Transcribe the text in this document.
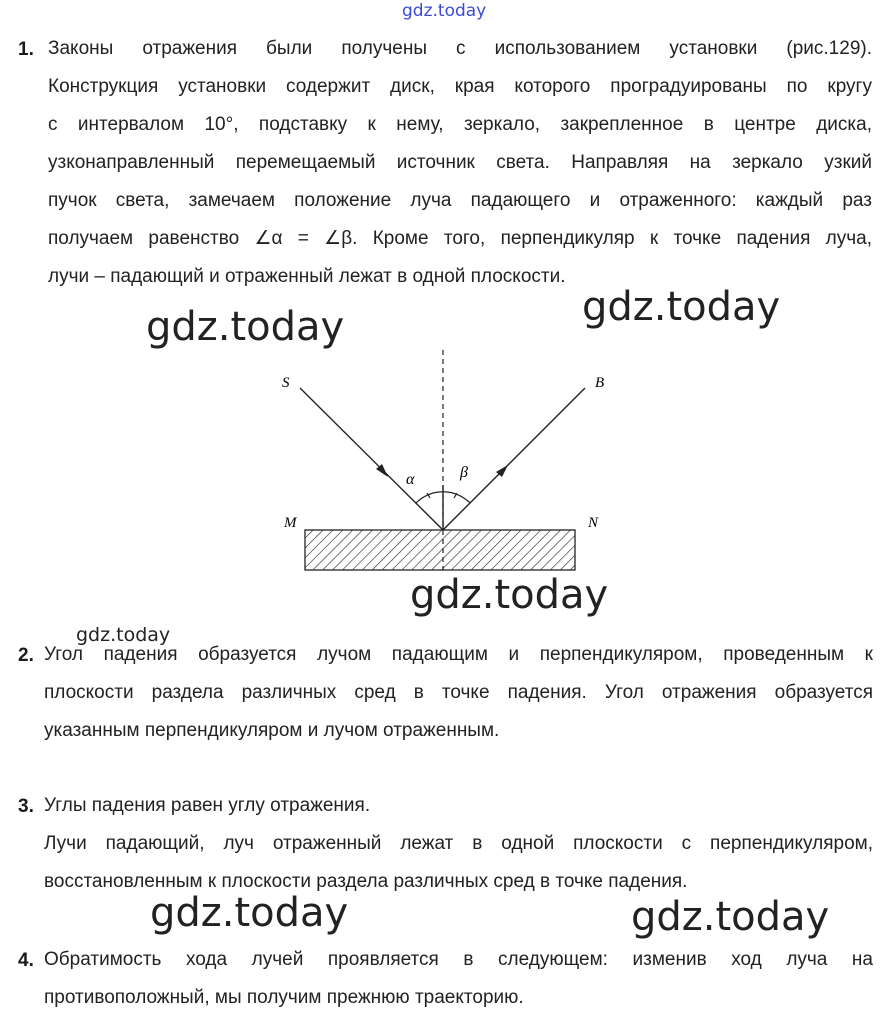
gdz.today
gdz.today	gdz.today
gdz.today
gdz.today
gdz.today	gdz.today
1. Законы отражения были получены с использованием установки (рис.129).
Конструкция установки содержит диск, края которого проградуированы по кругу
с интервалом 10°, подставку к нему, зеркало, закрепленное в центре диска,
узконаправленный перемещаемый источник света. Направляя на зеркало узкий
пучок света, замечаем положение луча падающего и отраженного: каждый раз
получаем равенство ∠α = ∠β. Кроме того, перпендикуляр к точке падения луча,
лучи – падающий и отраженный лежат в одной плоскости.
S	B
M	N
α	β
2. Угол падения образуется лучом падающим и перпендикуляром, проведенным к
плоскости раздела различных сред в точке падения. Угол отражения образуется
указанным перпендикуляром и лучом отраженным.
3. Углы падения равен углу отражения.
Лучи падающий, луч отраженный лежат в одной плоскости с перпендикуляром,
восстановленным к плоскости раздела различных сред в точке падения.
4. Обратимость хода лучей проявляется в следующем: изменив ход луча на
противоположный, мы получим прежнюю траекторию.
